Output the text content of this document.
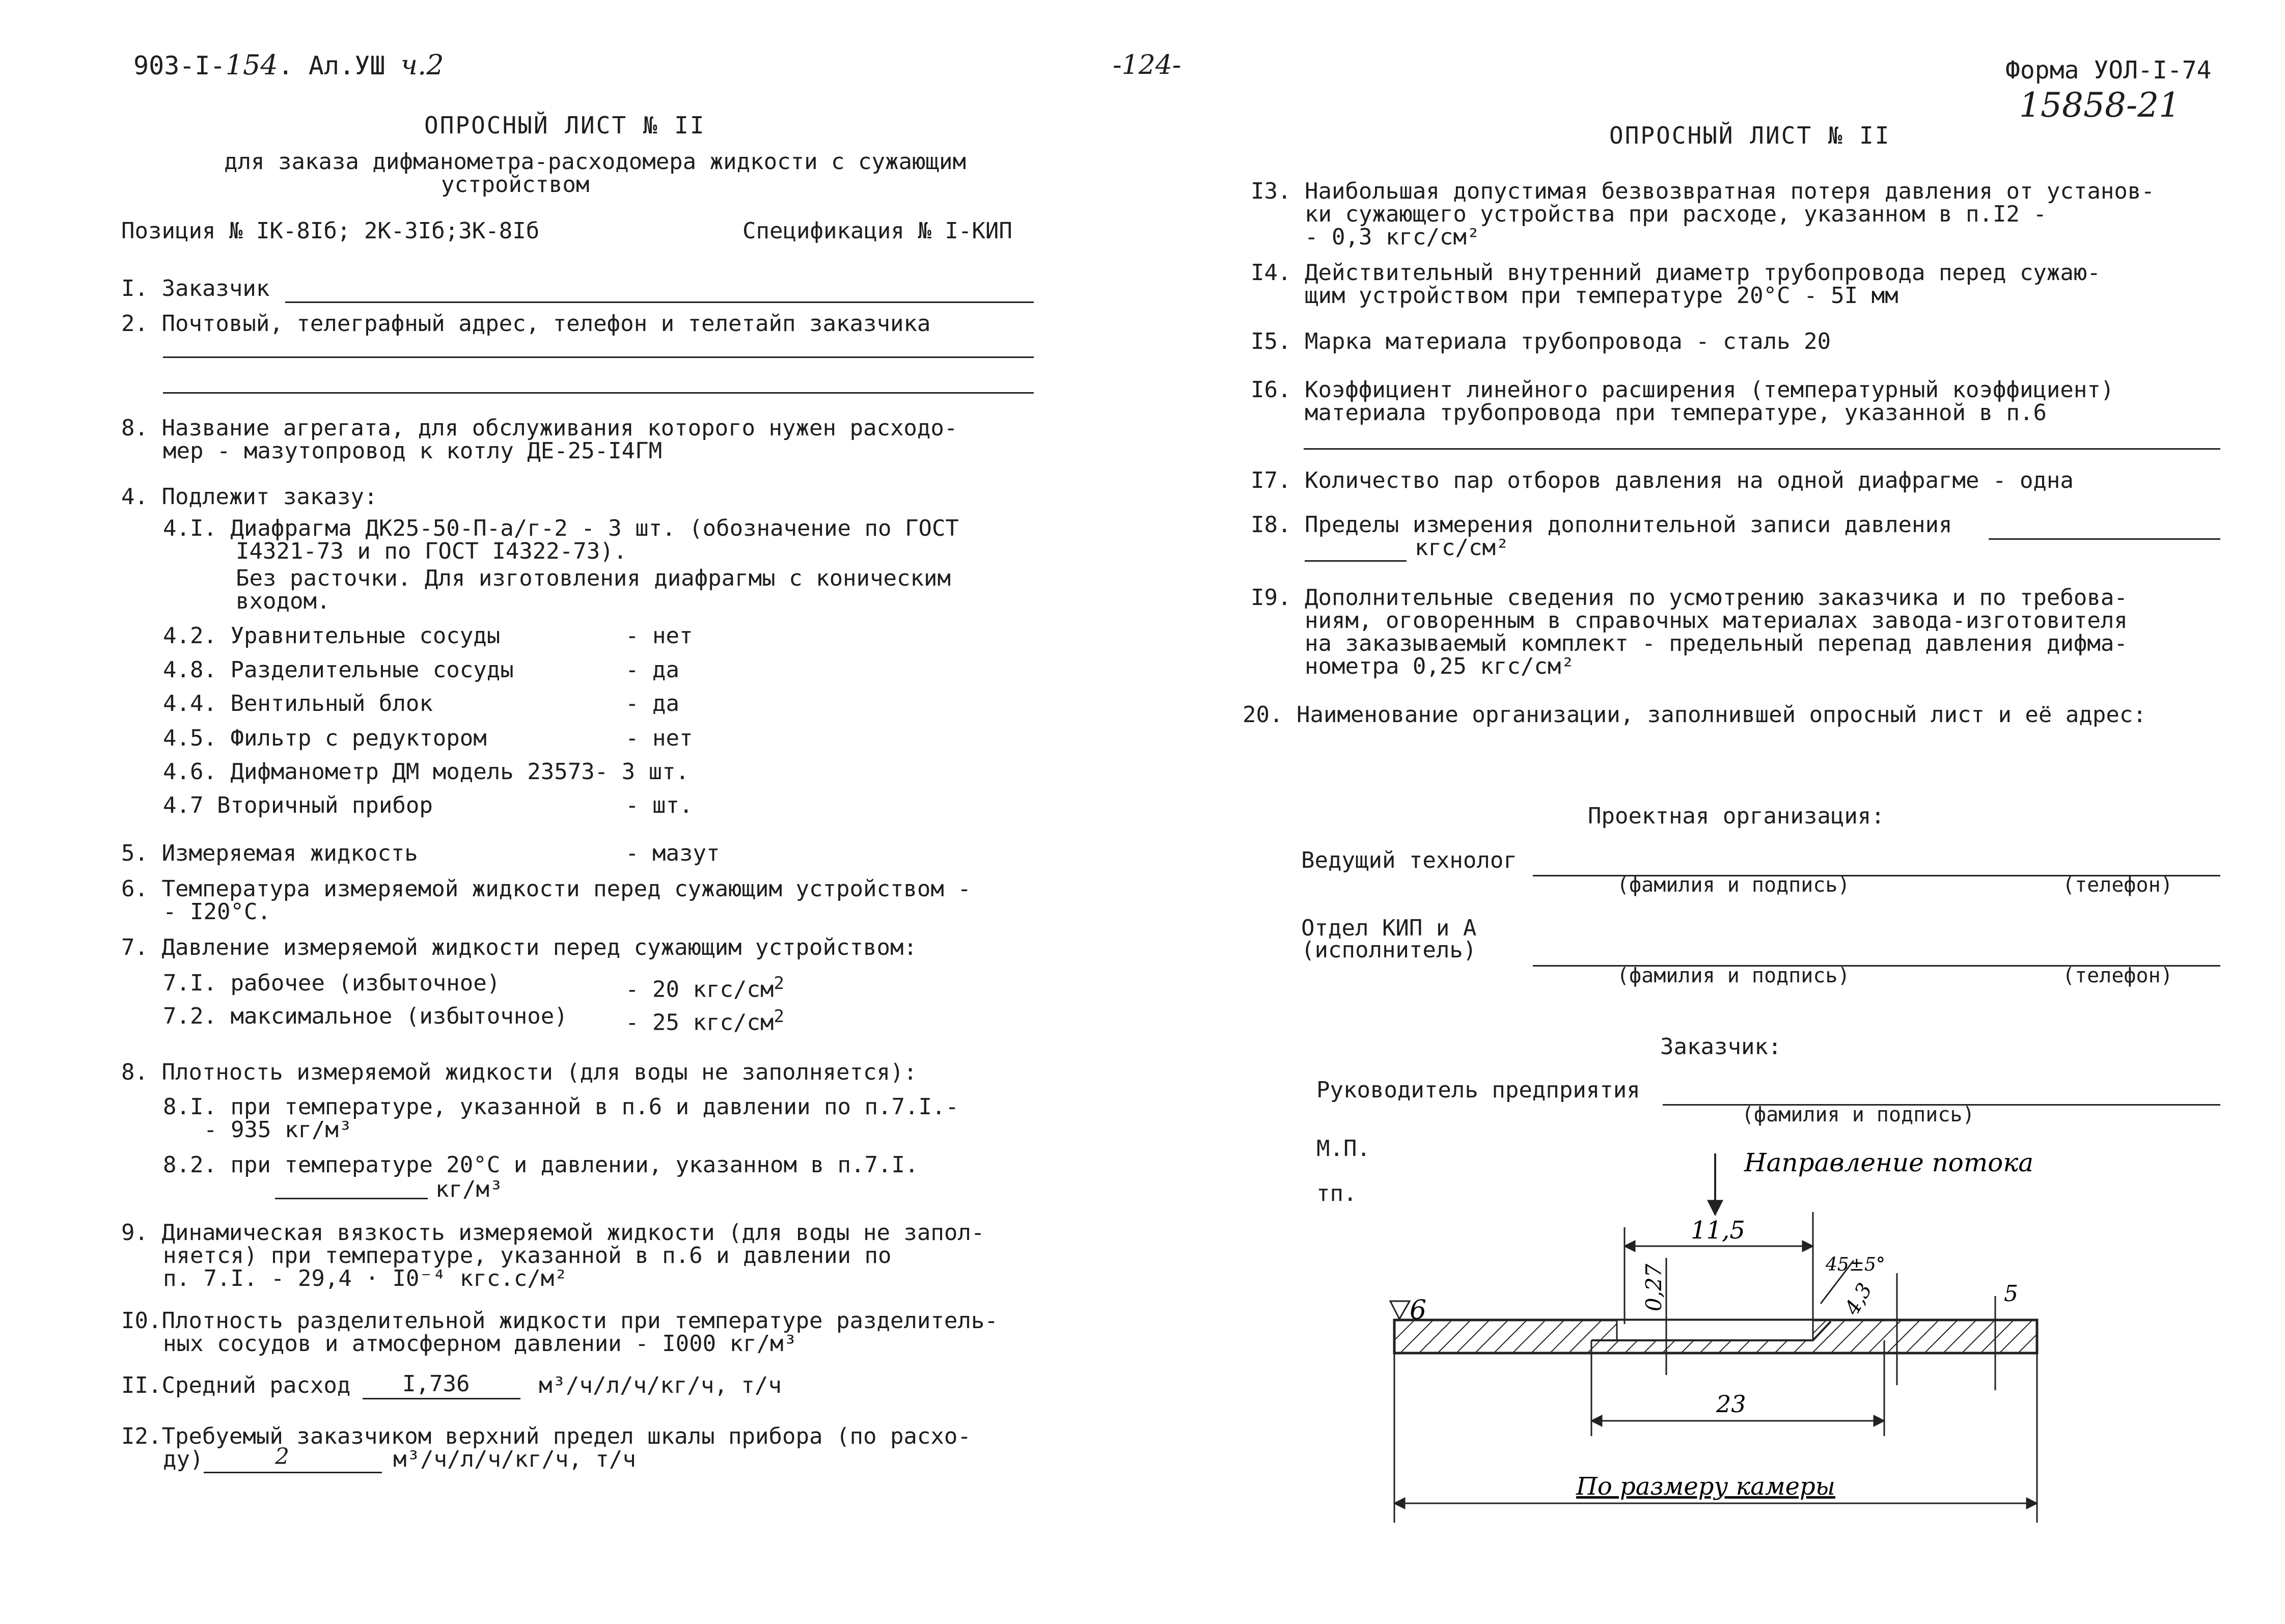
903-I-154. Ал.УШ ч.2	-124-	Форма УОЛ-I-74
15858-21
ОПРОСНЫЙ ЛИСТ № II
для заказа дифманометра-расходомера жидкости с сужающим
устройством
Позиция № IК-8Iб; 2К-3Iб;3К-8Iб	Спецификация № I-КИП
I. Заказчик
2. Почтовый, телеграфный адрес, телефон и телетайп заказчика
8. Название агрегата, для обслуживания которого нужен расходо-
мер - мазутопровод к котлу ДЕ-25-I4ГМ
4. Подлежит заказу:
4.I. Диафрагма ДК25-50-П-а/г-2 - 3 шт. (обозначение по ГОСТ
I4321-73 и по ГОСТ I4322-73).
Без расточки. Для изготовления диафрагмы с коническим
входом.
4.2. Уравнительные сосуды	- нет
4.8. Разделительные сосуды	- да
4.4. Вентильный блок	- да
4.5. Фильтр с редуктором	- нет
4.6. Дифманометр ДМ модель 23573- 3 шт.
4.7 Вторичный прибор	- шт.
5. Измеряемая жидкость	- мазут
6. Температура измеряемой жидкости перед сужающим устройством -
- I20°С.
7. Давление измеряемой жидкости перед сужающим устройством:
7.I. рабочее (избыточное)	- 20 кгс/$см^2$
7.2. максимальное (избыточное)	- 25 кгс/$см^2$
8. Плотность измеряемой жидкости (для воды не заполняется):
8.I. при температуре, указанной в п.6 и давлении по п.7.I.-
- 935 кг/м³
8.2. при температуре 20°С и давлении, указанном в п.7.I.
кг/м³
9. Динамическая вязкость измеряемой жидкости (для воды не запол-
няется) при температуре, указанной в п.6 и давлении по
п. 7.I. - 29,4 · I0⁻⁴ кгс.с/м²
I0.Плотность разделительной жидкости при температуре разделитель-
ных сосудов и атмосферном давлении - I000 кг/м³
II.Средний расход I,736	м³/ч/л/ч/кг/ч, т/ч
I2.Требуемый заказчиком верхний предел шкалы прибора (по расхо-
ду)	2	м³/ч/л/ч/кг/ч, т/ч
ОПРОСНЫЙ ЛИСТ № II
I3. Наибольшая допустимая безвозвратная потеря давления от установ-
ки сужающего устройства при расходе, указанном в п.I2 -
- 0,3 кгс/см²
I4. Действительный внутренний диаметр трубопровода перед сужаю-
щим устройством при температуре 20°С - 5I мм
I5. Марка материала трубопровода - сталь 20
I6. Коэффициент линейного расширения (температурный коэффициент)
материала трубопровода при температуре, указанной в п.6
I7. Количество пар отборов давления на одной диафрагме - одна
I8. Пределы измерения дополнительной записи давления
кгс/см²
I9. Дополнительные сведения по усмотрению заказчика и по требова-
ниям, оговоренным в справочных материалах завода-изготовителя
на заказываемый комплект - предельный перепад давления дифма-
нометра 0,25 кгс/см²
20. Наименование организации, заполнившей опросный лист и её адрес:
Проектная организация:
Ведущий технолог
(фамилия и подпись)	(телефон)
Отдел КИП и А
(исполнитель)
(фамилия и подпись)	(телефон)
Заказчик:
Руководитель предприятия
(фамилия и подпись)
М.П.
тп.
Направление потока
11,5
0,27	45±5°
4,3	5
6
23
По размеру камеры
